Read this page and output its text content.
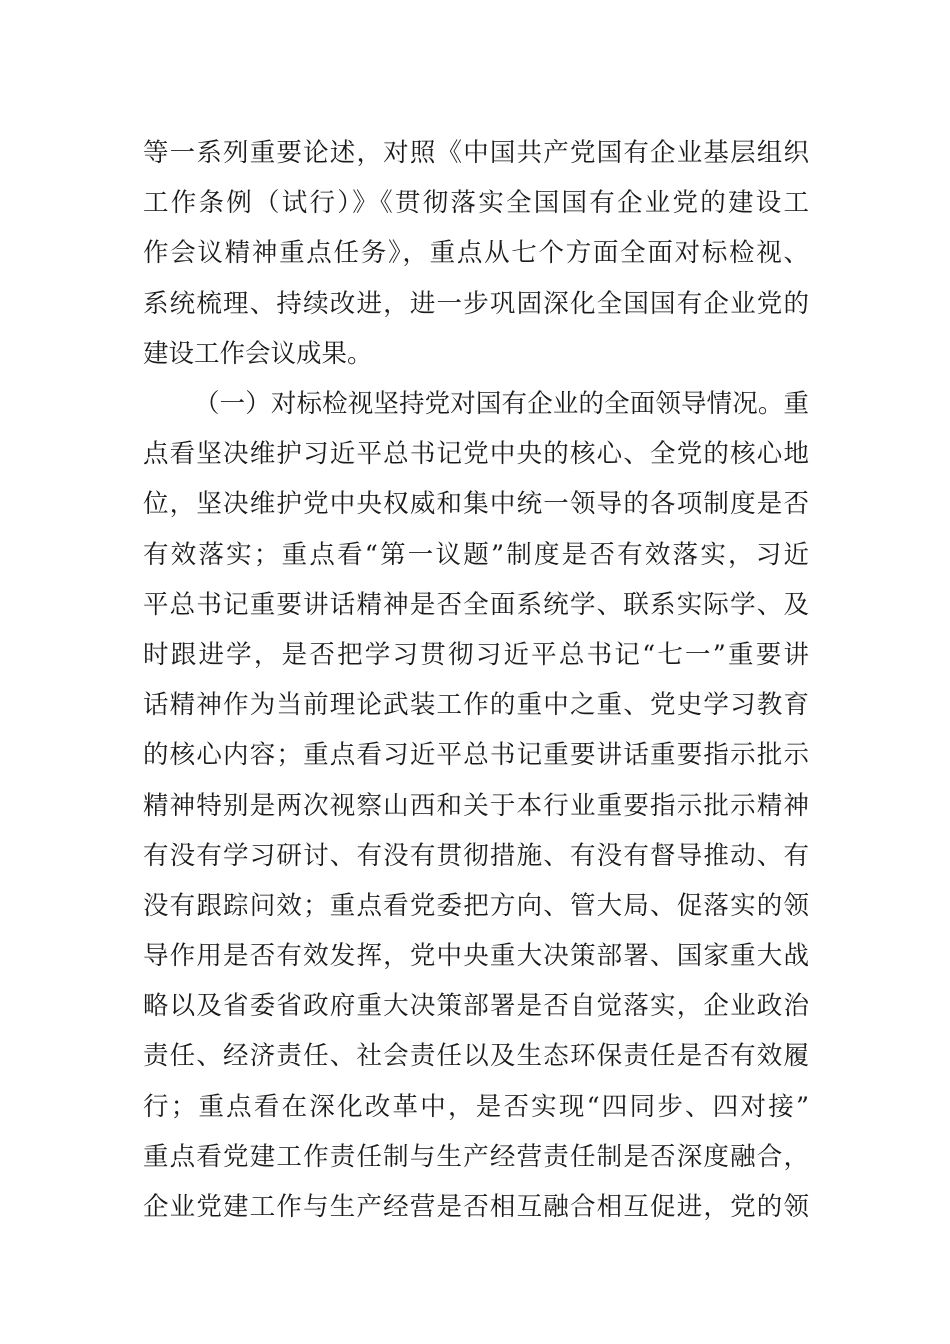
等一系列重要论述，对照《中国共产党国有企业基层组织
工作条例（试行）》《贯彻落实全国国有企业党的建设工
作会议精神重点任务》，重点从七个方面全面对标检视、
系统梳理、持续改进，进一步巩固深化全国国有企业党的
建设工作会议成果。
（一）对标检视坚持党对国有企业的全面领导情况。重
点看坚决维护习近平总书记党中央的核心、全党的核心地
位，坚决维护党中央权威和集中统一领导的各项制度是否
有效落实；重点看“第一议题”制度是否有效落实，习近
平总书记重要讲话精神是否全面系统学、联系实际学、及
时跟进学，是否把学习贯彻习近平总书记“七一”重要讲
话精神作为当前理论武装工作的重中之重、党史学习教育
的核心内容；重点看习近平总书记重要讲话重要指示批示
精神特别是两次视察山西和关于本行业重要指示批示精神
有没有学习研讨、有没有贯彻措施、有没有督导推动、有
没有跟踪问效；重点看党委把方向、管大局、促落实的领
导作用是否有效发挥，党中央重大决策部署、国家重大战
略以及省委省政府重大决策部署是否自觉落实，企业政治
责任、经济责任、社会责任以及生态环保责任是否有效履
行；重点看在深化改革中，是否实现“四同步、四对接”
重点看党建工作责任制与生产经营责任制是否深度融合，
企业党建工作与生产经营是否相互融合相互促进，党的领
